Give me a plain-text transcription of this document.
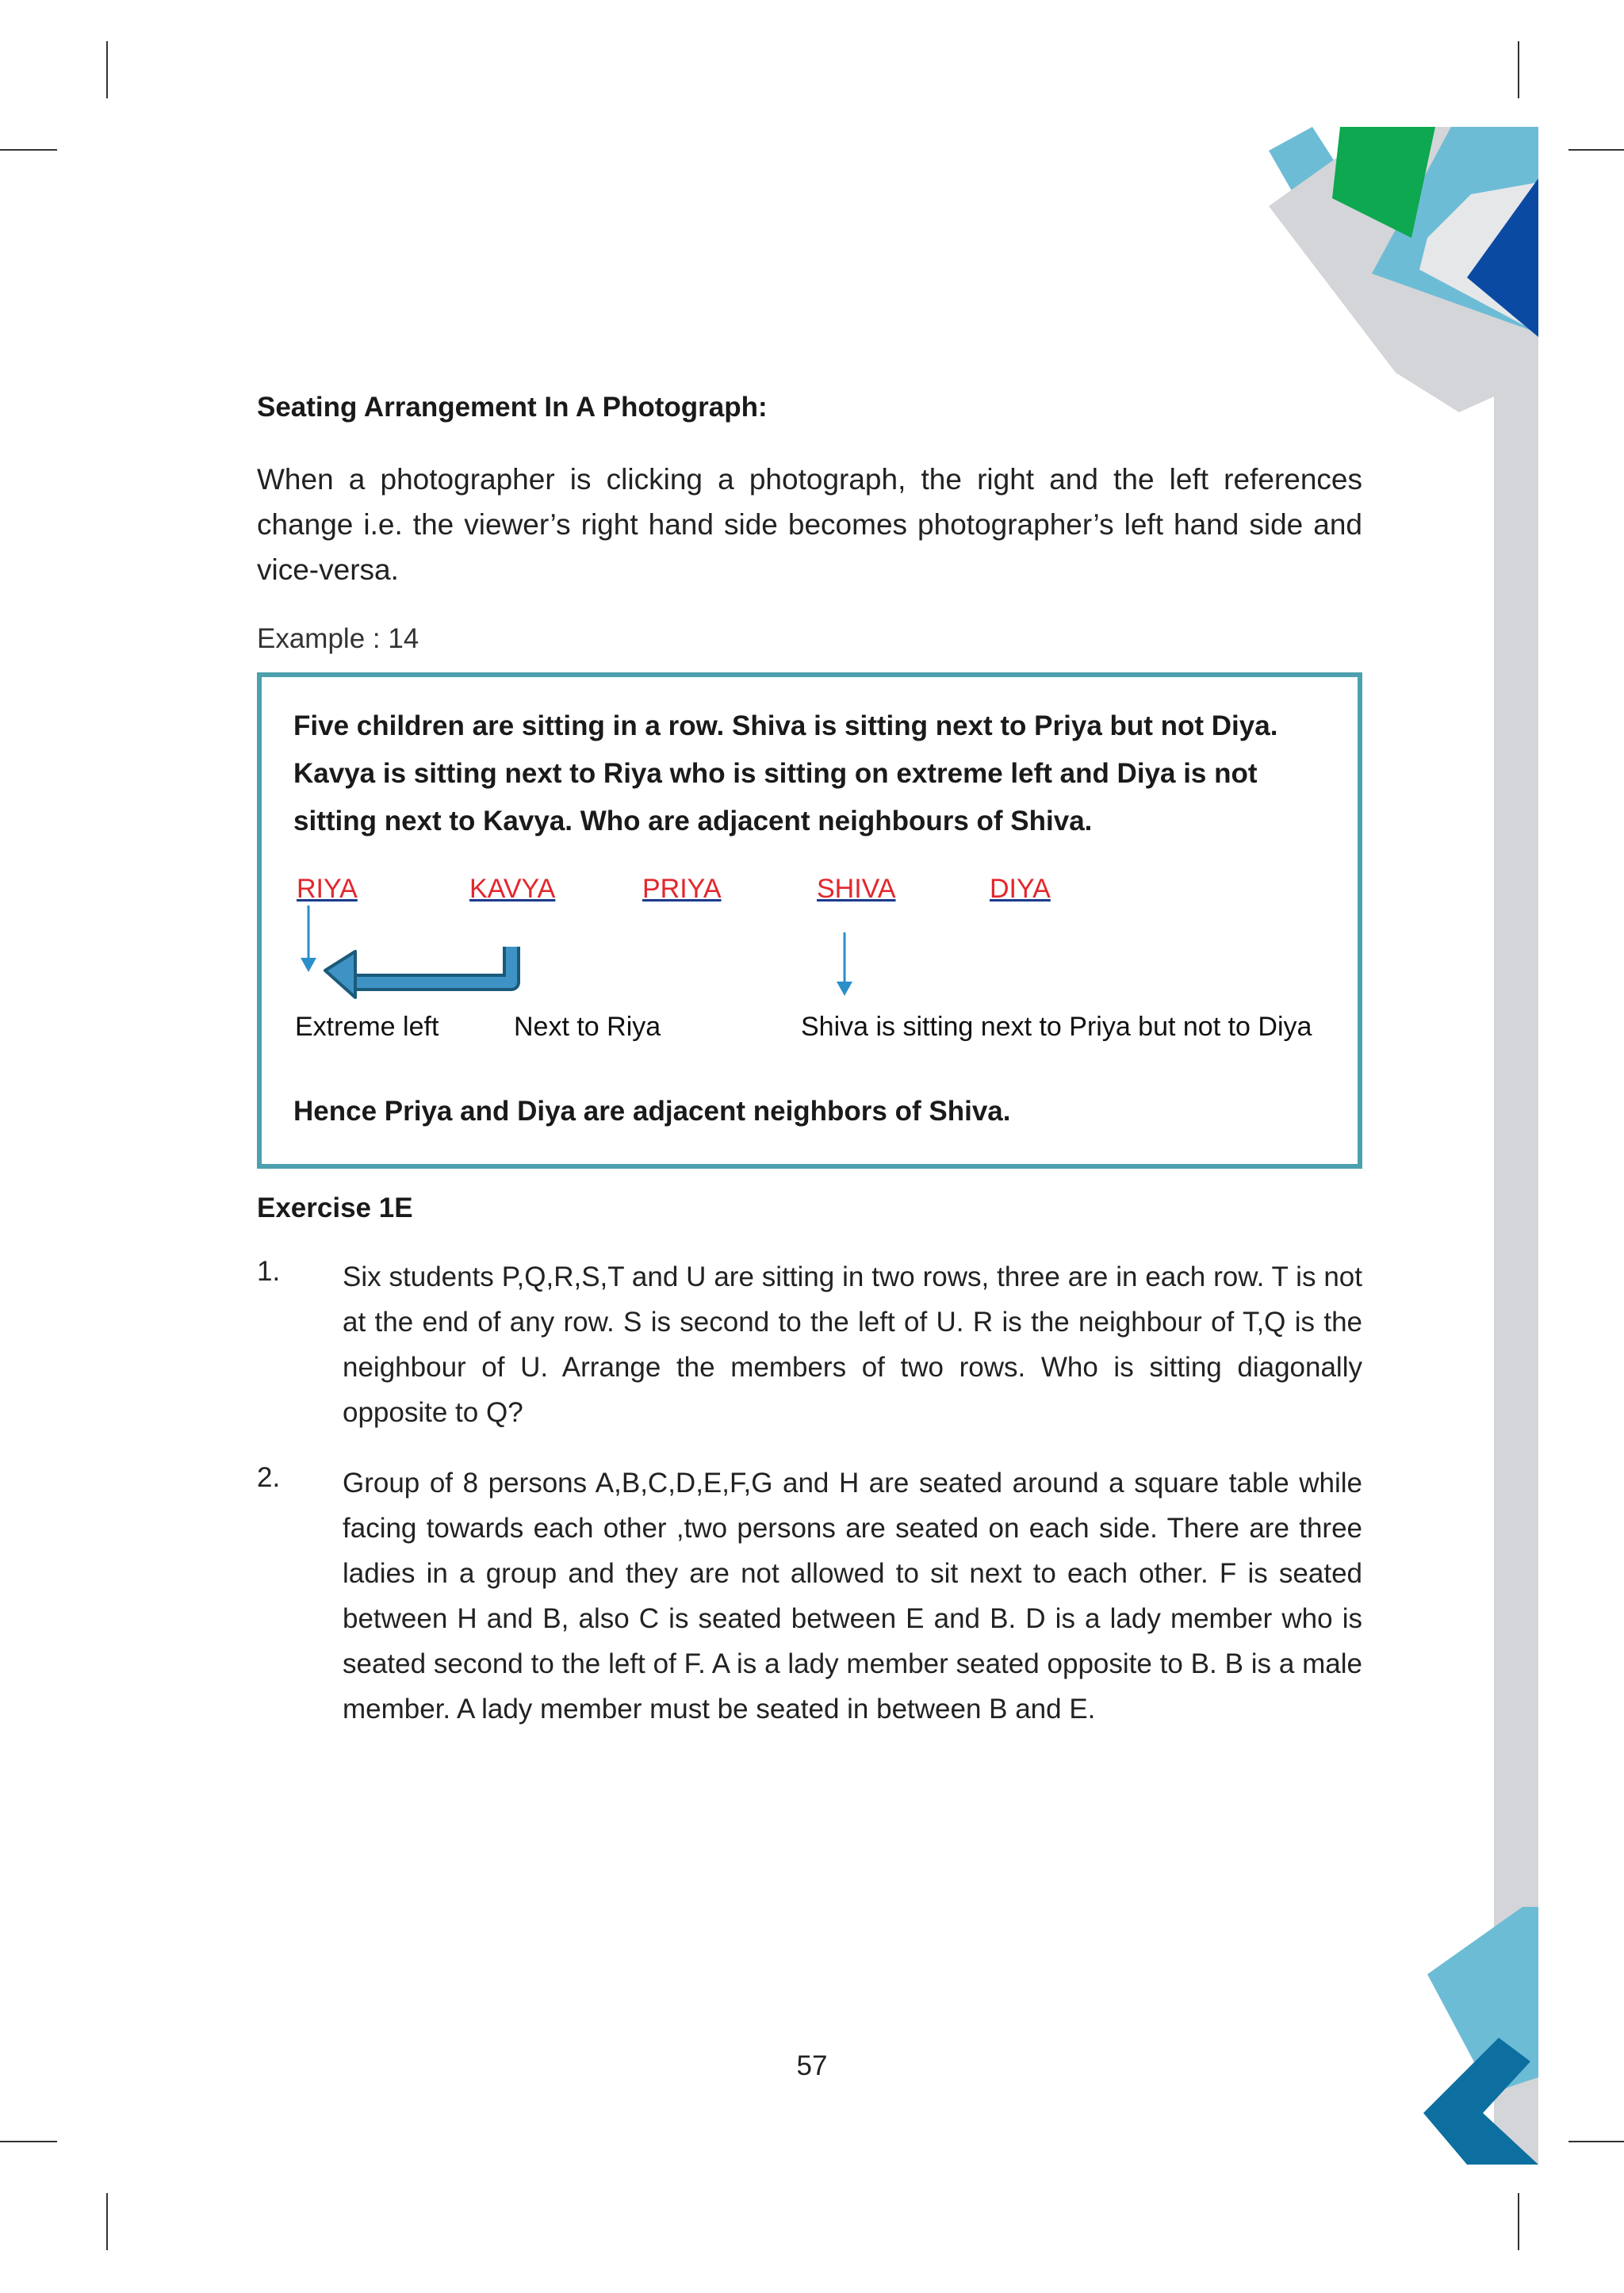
Seating Arrangement In A Photograph:

When a photographer is clicking a photograph, the right and the left references change i.e. the viewer’s right hand side becomes photographer’s left hand side and vice-versa.

Example : 14

Five children are sitting in a row. Shiva is sitting next to Priya but not Diya. Kavya is sitting next to Riya who is sitting on extreme left and Diya is not sitting next to Kavya. Who are adjacent neighbours of Shiva.

RIYA	KAVYA	PRIYA	SHIVA	DIYA
Extreme left	Next to Riya	Shiva is sitting next to Priya but not to Diya
Hence Priya and Diya are adjacent neighbors of Shiva.
Exercise 1E
1. Six students P,Q,R,S,T and U are sitting in two rows, three are in each row. T is not at the end of any row. S is second to the left of U. R is the neighbour of T,Q is the neighbour of U. Arrange the members of two rows. Who is sitting diagonally opposite to Q?

2. Group of 8 persons A,B,C,D,E,F,G and H are seated around a square table while facing towards each other ,two persons are seated on each side. There are three ladies in a group and they are not allowed to sit next to each other. F is seated between H and B, also C is seated between E and B. D is a lady member who is seated second to the left of F. A is a lady member seated opposite to B. B is a male member. A lady member must be seated in between B and E.

57
